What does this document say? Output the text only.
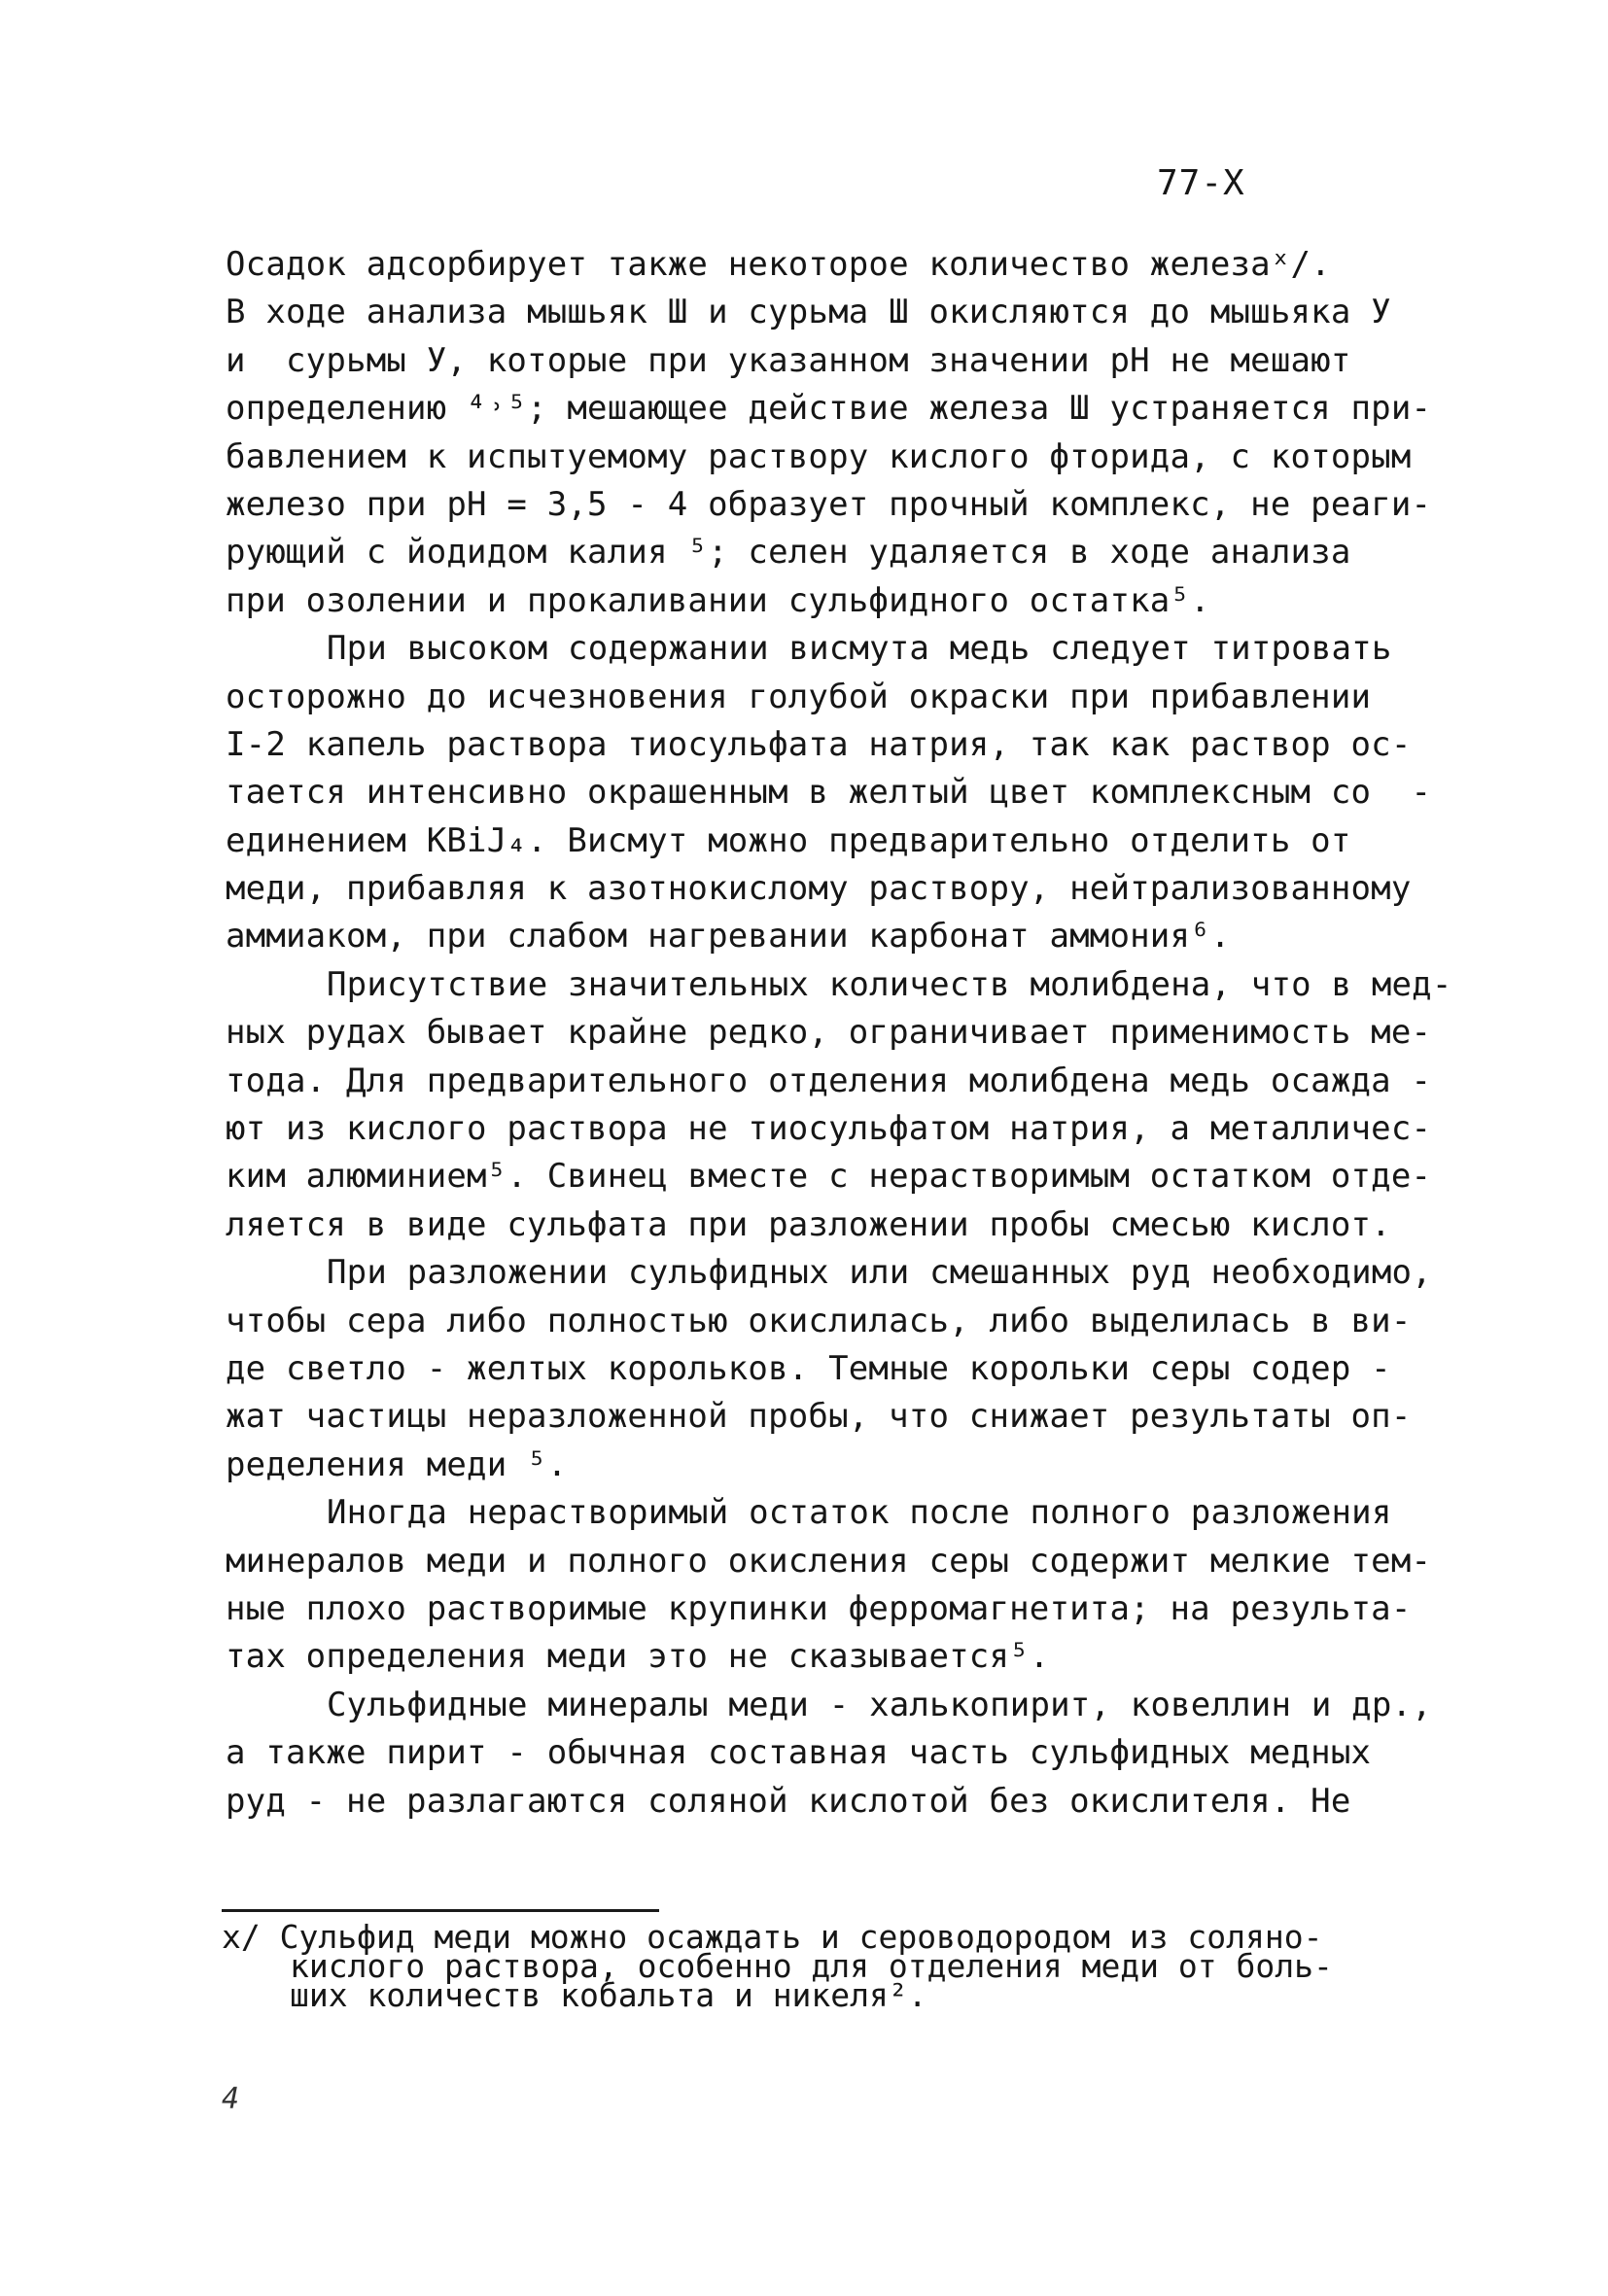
77-X
Осадок адсорбирует также некоторое количество железаˣ/.
В ходе анализа мышьяк Ш и сурьма Ш окисляются до мышьяка У
и  сурьмы У, которые при указанном значении рН не мешают
определению ⁴˒⁵; мешающее действие железа Ш устраняется при-
бавлением к испытуемому раствору кислого фторида, с которым
железо при рН = 3,5 - 4 образует прочный комплекс, не реаги-
рующий с йодидом калия ⁵; селен удаляется в ходе анализа
при озолении и прокаливании сульфидного остатка⁵.
При высоком содержании висмута медь следует титровать
осторожно до исчезновения голубой окраски при прибавлении
I-2 капель раствора тиосульфата натрия, так как раствор ос-
тается интенсивно окрашенным в желтый цвет комплексным со  -
единением KBiJ₄. Висмут можно предварительно отделить от
меди, прибавляя к азотнокислому раствору, нейтрализованному
аммиаком, при слабом нагревании карбонат аммония⁶.
Присутствие значительных количеств молибдена, что в мед-
ных рудах бывает крайне редко, ограничивает применимость ме-
тода. Для предварительного отделения молибдена медь осажда -
ют из кислого раствора не тиосульфатом натрия, а металличес-
ким алюминием⁵. Свинец вместе с нерастворимым остатком отде-
ляется в виде сульфата при разложении пробы смесью кислот.
При разложении сульфидных или смешанных руд необходимо,
чтобы сера либо полностью окислилась, либо выделилась в ви-
де светло - желтых корольков. Темные корольки серы содер -
жат частицы неразложенной пробы, что снижает результаты оп-
ределения меди ⁵.
Иногда нерастворимый остаток после полного разложения
минералов меди и полного окисления серы содержит мелкие тем-
ные плохо растворимые крупинки ферромагнетита; на результа-
тах определения меди это не сказывается⁵.
Сульфидные минералы меди - халькопирит, ковеллин и др.,
а также пирит - обычная составная часть сульфидных медных
руд - не разлагаются соляной кислотой без окислителя. Не
x/ Сульфид меди можно осаждать и сероводородом из соляно-
кислого раствора, особенно для отделения меди от боль-
ших количеств кобальта и никеля².
4
